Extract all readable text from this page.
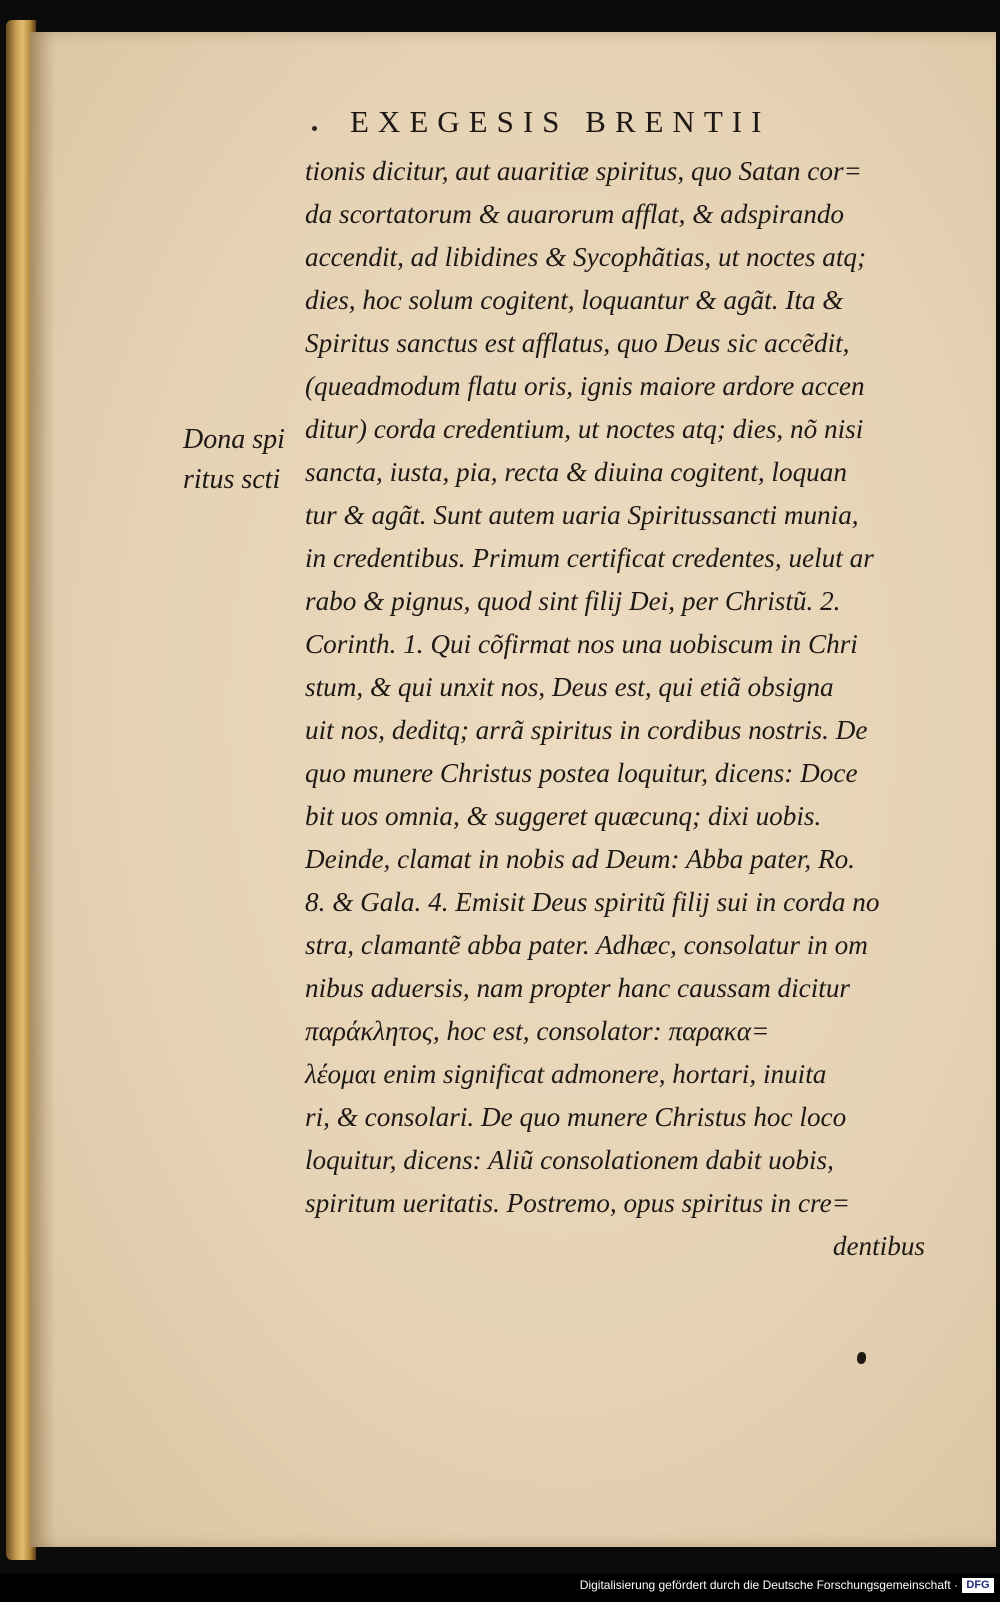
EXEGESIS BRENTII
Dona spi
ritus scti
tionis dicitur, aut auaritiæ spiritus, quo Satan cor=
da scortatorum & auarorum afflat, & adspirando
accendit, ad libidines & Sycophãtias, ut noctes atq;
dies, hoc solum cogitent, loquantur & agãt. Ita &
Spiritus sanctus est afflatus, quo Deus sic accẽdit,
(queadmodum flatu oris, ignis maiore ardore accen
ditur) corda credentium, ut noctes atq; dies, nõ nisi
sancta, iusta, pia, recta & diuina cogitent, loquan
tur & agãt. Sunt autem uaria Spiritussancti munia,
in credentibus. Primum certificat credentes, uelut ar
rabo & pignus, quod sint filij Dei, per Christũ. 2.
Corinth. 1. Qui cõfirmat nos una uobiscum in Chri
stum, & qui unxit nos, Deus est, qui etiã obsigna
uit nos, deditq; arrã spiritus in cordibus nostris. De
quo munere Christus postea loquitur, dicens: Doce
bit uos omnia, & suggeret quæcunq; dixi uobis.
Deinde, clamat in nobis ad Deum: Abba pater, Ro.
8. & Gala. 4. Emisit Deus spiritũ filij sui in corda no
stra, clamantẽ abba pater. Adhæc, consolatur in om
nibus aduersis, nam propter hanc caussam dicitur
παράκλητος, hoc est, consolator: παρακα=
λέομαι enim significat admonere, hortari, inuita
ri, & consolari. De quo munere Christus hoc loco
loquitur, dicens: Aliũ consolationem dabit uobis,
spiritum ueritatis. Postremo, opus spiritus in cre=
dentibus
Digitalisierung gefördert durch die Deutsche Forschungsgemeinschaft · DFG
